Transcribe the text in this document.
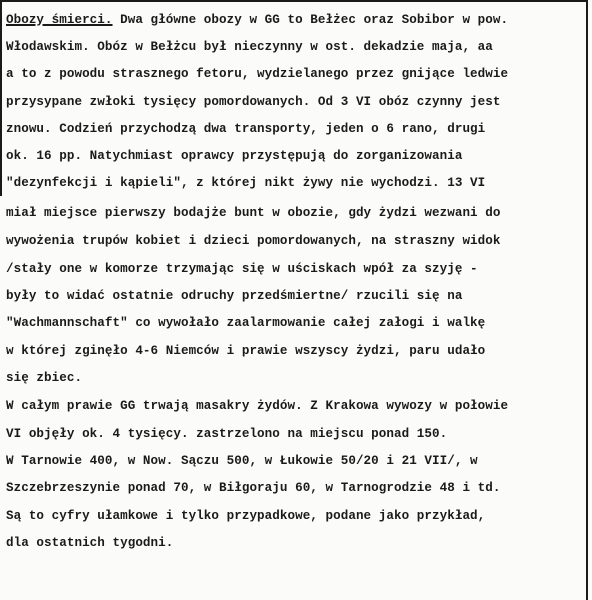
Obozy śmierci. Dwa główne obozy w GG to Bełżec oraz Sobibor w pow.
Włodawskim. Obóz w Bełżcu był nieczynny w ost. dekadzie maja, aa
a to z powodu strasznego fetoru, wydzielanego przez gnijące ledwie
przysypane zwłoki tysięcy pomordowanych. Od 3 VI obóz czynny jest
znowu. Codzień przychodzą dwa transporty, jeden o 6 rano, drugi
ok. 16 pp. Natychmiast oprawcy przystępują do zorganizowania
"dezynfekcji i kąpieli", z której nikt żywy nie wychodzi. 13 VI
miał miejsce pierwszy bodajże bunt w obozie, gdy żydzi wezwani do
wywożenia trupów kobiet i dzieci pomordowanych, na straszny widok
/stały one w komorze trzymając się w uściskach wpół za szyję -
były to widać ostatnie odruchy przedśmiertne/ rzucili się na
"Wachmannschaft" co wywołało zaalarmowanie całej załogi i walkę
w której zginęło 4-6 Niemców i prawie wszyscy żydzi, paru udało
się zbiec.
W całym prawie GG trwają masakry żydów. Z Krakowa wywozy w połowie
VI objęły ok. 4 tysięcy. zastrzelono na miejscu ponad 150.
W Tarnowie 400, w Now. Sączu 500, w Łukowie 50/20 i 21 VII/, w
Szczebrzeszynie ponad 70, w Biłgoraju 60, w Tarnogrodzie 48 i td.
Są to cyfry ułamkowe i tylko przypadkowe, podane jako przykład,
dla ostatnich tygodni.
